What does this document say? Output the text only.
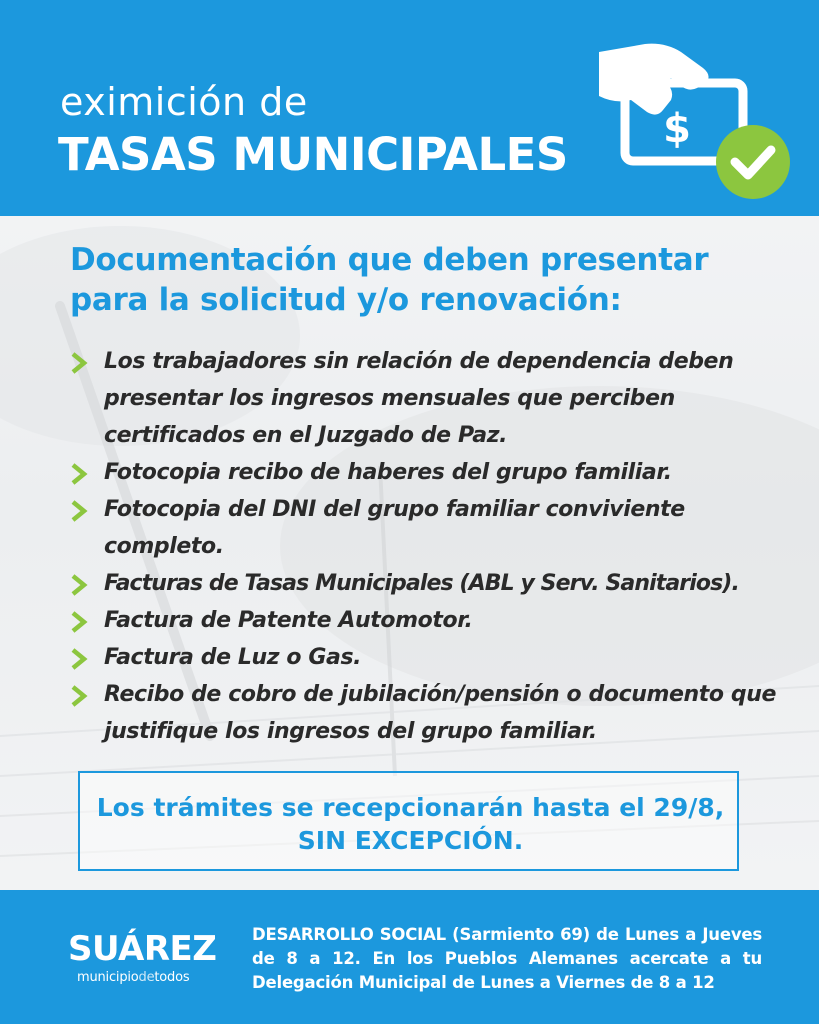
eximición de
TASAS MUNICIPALES $
Documentación que deben presentar para la solicitud y/o renovación:
Los trabajadores sin relación de dependencia deben presentar los ingresos mensuales que perciben certificados en el Juzgado de Paz.
Fotocopia recibo de haberes del grupo familiar.
Fotocopia del DNI del grupo familiar conviviente completo.
Facturas de Tasas Municipales (ABL y Serv. Sanitarios).
Factura de Patente Automotor.
Factura de Luz o Gas.
Recibo de cobro de jubilación/pensión o documento que justifique los ingresos del grupo familiar.
Los trámites se recepcionarán hasta el 29/8, SIN EXCEPCIÓN.
SUÁREZ
municipiodetodos
DESARROLLO SOCIAL (Sarmiento 69) de Lunes a Jueves de 8 a 12. En los Pueblos Alemanes acercate a tu Delegación Municipal de Lunes a Viernes de 8 a 12
